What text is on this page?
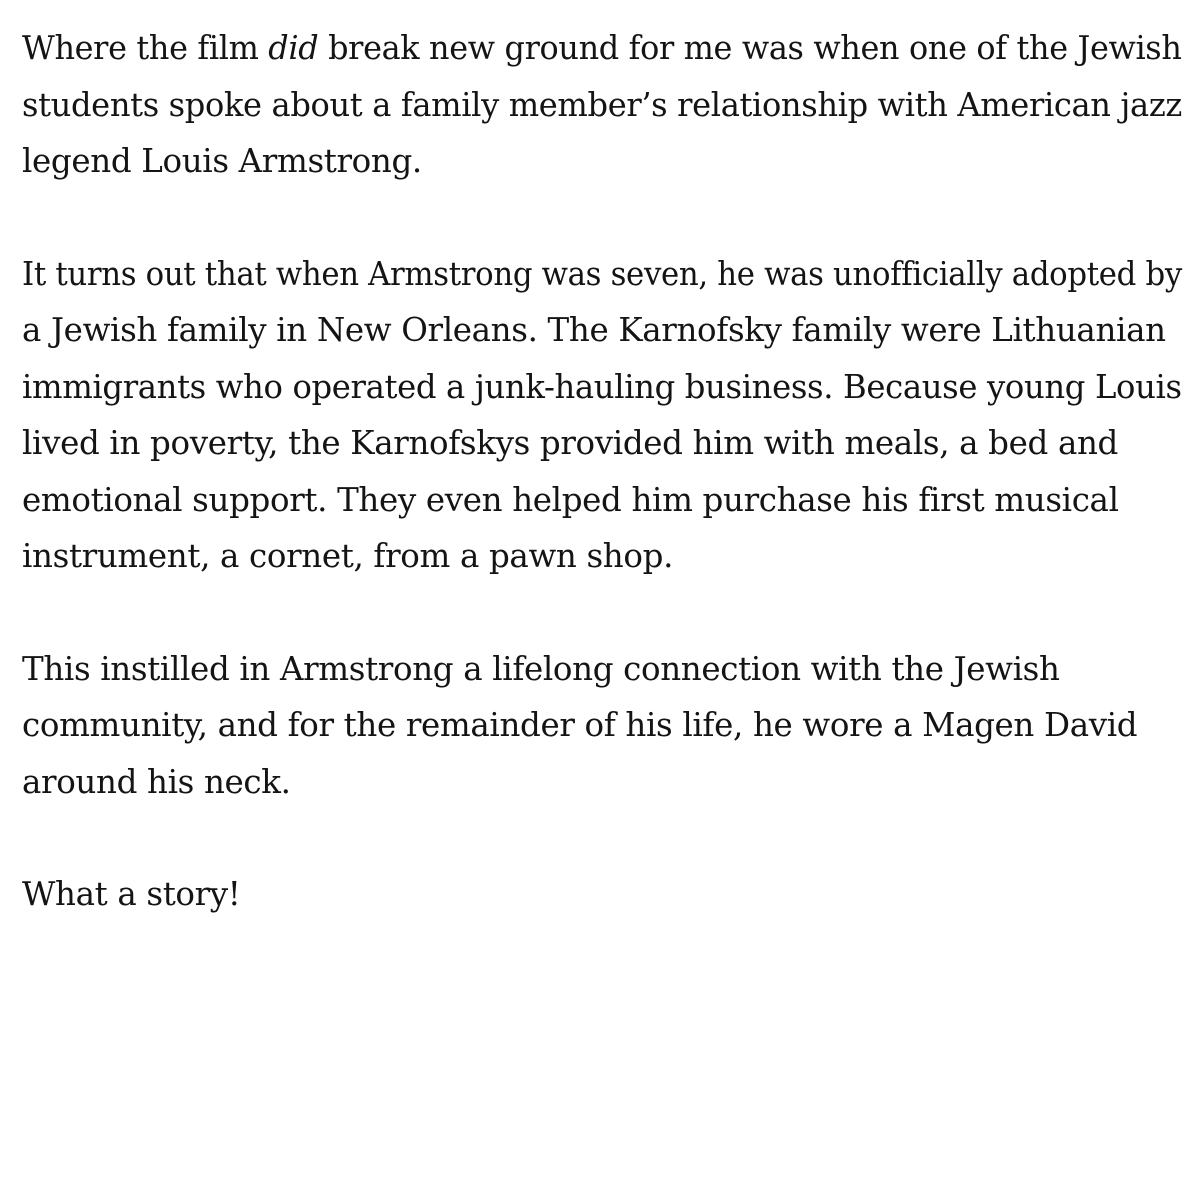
Where the film did break new ground for me was when one of the Jewish
students spoke about a family member’s relationship with American jazz
legend Louis Armstrong.

It turns out that when Armstrong was seven, he was unofficially adopted by
a Jewish family in New Orleans. The Karnofsky family were Lithuanian
immigrants who operated a junk-hauling business. Because young Louis
lived in poverty, the Karnofskys provided him with meals, a bed and
emotional support. They even helped him purchase his first musical
instrument, a cornet, from a pawn shop.

This instilled in Armstrong a lifelong connection with the Jewish
community, and for the remainder of his life, he wore a Magen David
around his neck.

What a story!
